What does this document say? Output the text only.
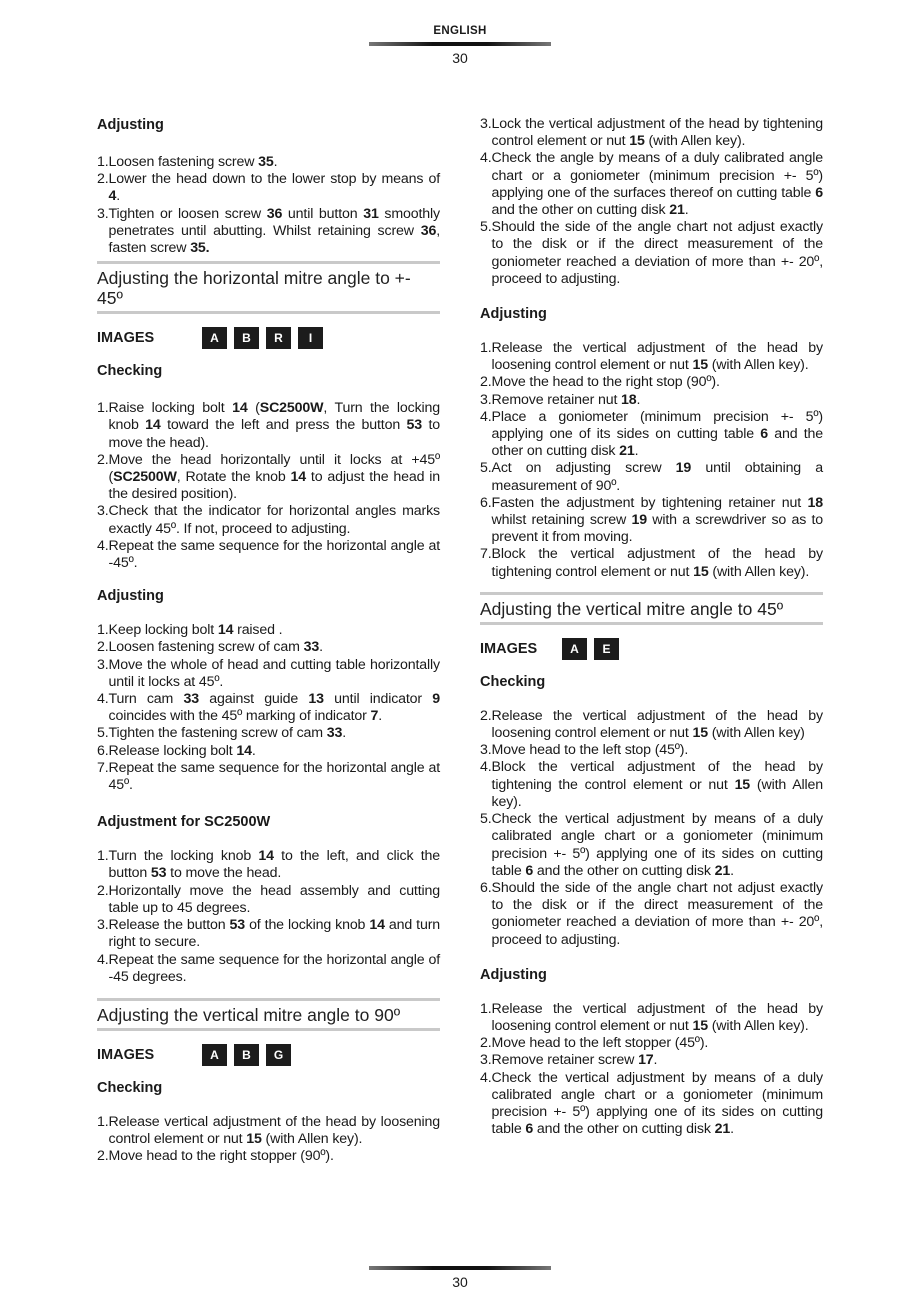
ENGLISH
30

Adjusting

1. Loosen fastening screw 35.
2. Lower the head down to the lower stop by means of 4.
3. Tighten or loosen screw 36 until button 31 smoothly penetrates until abutting. Whilst retaining screw 36, fasten screw 35.
Adjusting the horizontal mitre angle to +- 45º
IMAGES	A	B	R	I

Checking

1. Raise locking bolt 14 (SC2500W, Turn the locking knob 14 toward the left and press the button 53 to move the head).
2. Move the head horizontally until it locks at +45º (SC2500W, Rotate the knob 14 to adjust the head in the desired position).
3. Check that the indicator for horizontal angles marks exactly 45º. If not, proceed to adjusting.
4. Repeat the same sequence for the horizontal angle at -45º.

Adjusting

1. Keep locking bolt 14 raised .
2. Loosen fastening screw of cam 33.
3. Move the whole of head and cutting table horizontally until it locks at 45º.
4. Turn cam 33 against guide 13 until indicator 9 coincides with the 45º marking of indicator 7.
5. Tighten the fastening screw of cam 33.
6. Release locking bolt 14.
7. Repeat the same sequence for the horizontal angle at 45º.

Adjustment for SC2500W

1. Turn the locking knob 14 to the left, and click the button 53 to move the head.
2. Horizontally move the head assembly and cutting table up to 45 degrees.
3. Release the button 53 of the locking knob 14 and turn right to secure.
4. Repeat the same sequence for the horizontal angle of -45 degrees.
Adjusting the vertical mitre angle to 90º
IMAGES	A	B	G

Checking

1. Release vertical adjustment of the head by loosening control element or nut 15 (with Allen key).
2. Move head to the right stopper (90º).
3. Lock the vertical adjustment of the head by tightening control element or nut 15 (with Allen key).
4. Check the angle by means of a duly calibrated angle chart or a goniometer (minimum precision +- 5º) applying one of the surfaces thereof on cutting table 6 and the other on cutting disk 21.
5. Should the side of the angle chart not adjust exactly to the disk or if the direct measurement of the goniometer reached a deviation of more than +- 20º, proceed to adjusting.

Adjusting

1. Release the vertical adjustment of the head by loosening control element or nut 15 (with Allen key).
2. Move the head to the right stop (90º).
3. Remove retainer nut 18.
4. Place a goniometer (minimum precision +- 5º) applying one of its sides on cutting table 6 and the other on cutting disk 21.
5. Act on adjusting screw 19 until obtaining a measurement of 90º.
6. Fasten the adjustment by tightening retainer nut 18 whilst retaining screw 19 with a screwdriver so as to prevent it from moving.
7. Block the vertical adjustment of the head by tightening control element or nut 15 (with Allen key).
Adjusting the vertical mitre angle to 45º
IMAGES	A	E

Checking

2. Release the vertical adjustment of the head by loosening control element or nut 15 (with Allen key)
3. Move head to the left stop (45º).
4. Block the vertical adjustment of the head by tightening the control element or nut 15 (with Allen key).
5. Check the vertical adjustment by means of a duly calibrated angle chart or a goniometer (minimum precision +- 5º) applying one of its sides on cutting table 6 and the other on cutting disk 21.
6. Should the side of the angle chart not adjust exactly to the disk or if the direct measurement of the goniometer reached a deviation of more than +- 20º, proceed to adjusting.

Adjusting

1. Release the vertical adjustment of the head by loosening control element or nut 15 (with Allen key).
2. Move head to the left stopper (45º).
3. Remove retainer screw 17.
4. Check the vertical adjustment by means of a duly calibrated angle chart or a goniometer (minimum precision +- 5º) applying one of its sides on cutting table 6 and the other on cutting disk 21.
30
